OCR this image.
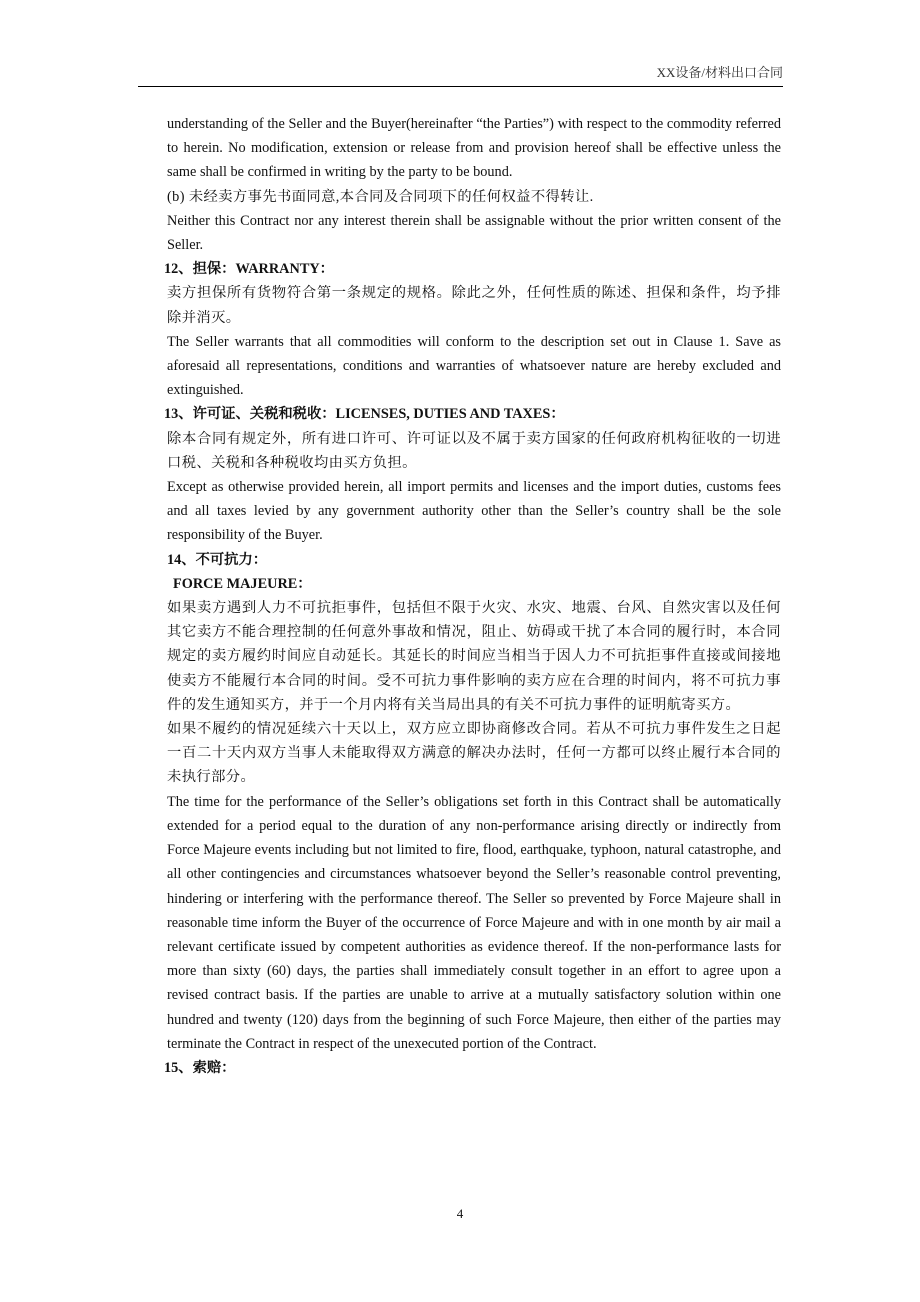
XX设备/材料出口合同

understanding of the Seller and the Buyer(hereinafter “the Parties”) with respect to the commodity referred to herein. No modification, extension or release from and provision hereof shall be effective unless the same shall be confirmed in writing by the party to be bound.

(b) 未经卖方事先书面同意,本合同及合同项下的任何权益不得转让.

Neither this Contract nor any interest therein shall be assignable without the prior written consent of the Seller.

12、担保：WARRANTY：

卖方担保所有货物符合第一条规定的规格。除此之外，任何性质的陈述、担保和条件，均予排除并消灭。

The Seller warrants that all commodities will conform to the description set out in Clause 1. Save as aforesaid all representations, conditions and warranties of whatsoever nature are hereby excluded and extinguished.

13、许可证、关税和税收：LICENSES, DUTIES AND TAXES：

除本合同有规定外，所有进口许可、许可证以及不属于卖方国家的任何政府机构征收的一切进口税、关税和各种税收均由买方负担。

Except as otherwise provided herein, all import permits and licenses and the import duties, customs fees and all taxes levied by any government authority other than the Seller’s country shall be the sole responsibility of the Buyer.

14、不可抗力：

FORCE MAJEURE：

如果卖方遇到人力不可抗拒事件，包括但不限于火灾、水灾、地震、台风、自然灾害以及任何其它卖方不能合理控制的任何意外事故和情况，阻止、妨碍或干扰了本合同的履行时，本合同规定的卖方履约时间应自动延长。其延长的时间应当相当于因人力不可抗拒事件直接或间接地使卖方不能履行本合同的时间。受不可抗力事件影响的卖方应在合理的时间内，将不可抗力事件的发生通知买方，并于一个月内将有关当局出具的有关不可抗力事件的证明航寄买方。

如果不履约的情况延续六十天以上，双方应立即协商修改合同。若从不可抗力事件发生之日起一百二十天内双方当事人未能取得双方满意的解决办法时，任何一方都可以终止履行本合同的未执行部分。

The time for the performance of the Seller’s obligations set forth in this Contract shall be automatically extended for a period equal to the duration of any non-performance arising directly or indirectly from Force Majeure events including but not limited to fire, flood, earthquake, typhoon, natural catastrophe, and all other contingencies and circumstances whatsoever beyond the Seller’s reasonable control preventing, hindering or interfering with the performance thereof. The Seller so prevented by Force Majeure shall in reasonable time inform the Buyer of the occurrence of Force Majeure and with in one month by air mail a relevant certificate issued by competent authorities as evidence thereof. If the non-performance lasts for more than sixty (60) days, the parties shall immediately consult together in an effort to agree upon a revised contract basis. If the parties are unable to arrive at a mutually satisfactory solution within one hundred and twenty (120) days from the beginning of such Force Majeure, then either of the parties may terminate the Contract in respect of the unexecuted portion of the Contract.

15、索赔：

4
